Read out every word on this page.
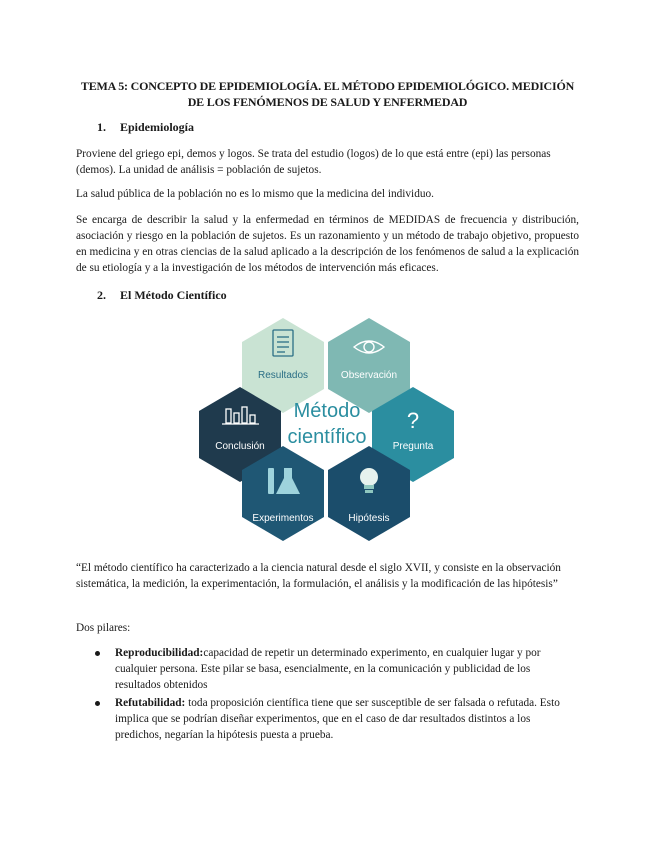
TEMA 5: CONCEPTO DE EPIDEMIOLOGÍA. EL MÉTODO EPIDEMIOLÓGICO. MEDICIÓN
DE LOS FENÓMENOS DE SALUD Y ENFERMEDAD
1. Epidemiología
Proviene del griego epi, demos y logos. Se trata del estudio (logos) de lo que está entre (epi) las personas (demos). La unidad de análisis = población de sujetos.
La salud pública de la población no es lo mismo que la medicina del individuo.
Se encarga de describir la salud y la enfermedad en términos de MEDIDAS de frecuencia y distribución, asociación y riesgo en la población de sujetos. Es un razonamiento y un método de trabajo objetivo, propuesto en medicina y en otras ciencias de la salud aplicado a la descripción de los fenómenos de salud a la explicación de su etiología y a la investigación de los métodos de intervención más eficaces.
2. El Método Científico
Resultados	Observación
Conclusión
Método
científico
?
Pregunta
Experimentos	Hipótesis
“El método científico ha caracterizado a la ciencia natural desde el siglo XVII, y consiste en la observación sistemática, la medición, la experimentación, la formulación, el análisis y la modificación de las hipótesis”
Dos pilares:
Reproducibilidad:capacidad de repetir un determinado experimento, en cualquier lugar y por cualquier persona. Este pilar se basa, esencialmente, en la comunicación y publicidad de los resultados obtenidos
Refutabilidad: toda proposición científica tiene que ser susceptible de ser falsada o refutada. Esto implica que se podrían diseñar experimentos, que en el caso de dar resultados distintos a los predichos, negarían la hipótesis puesta a prueba.
